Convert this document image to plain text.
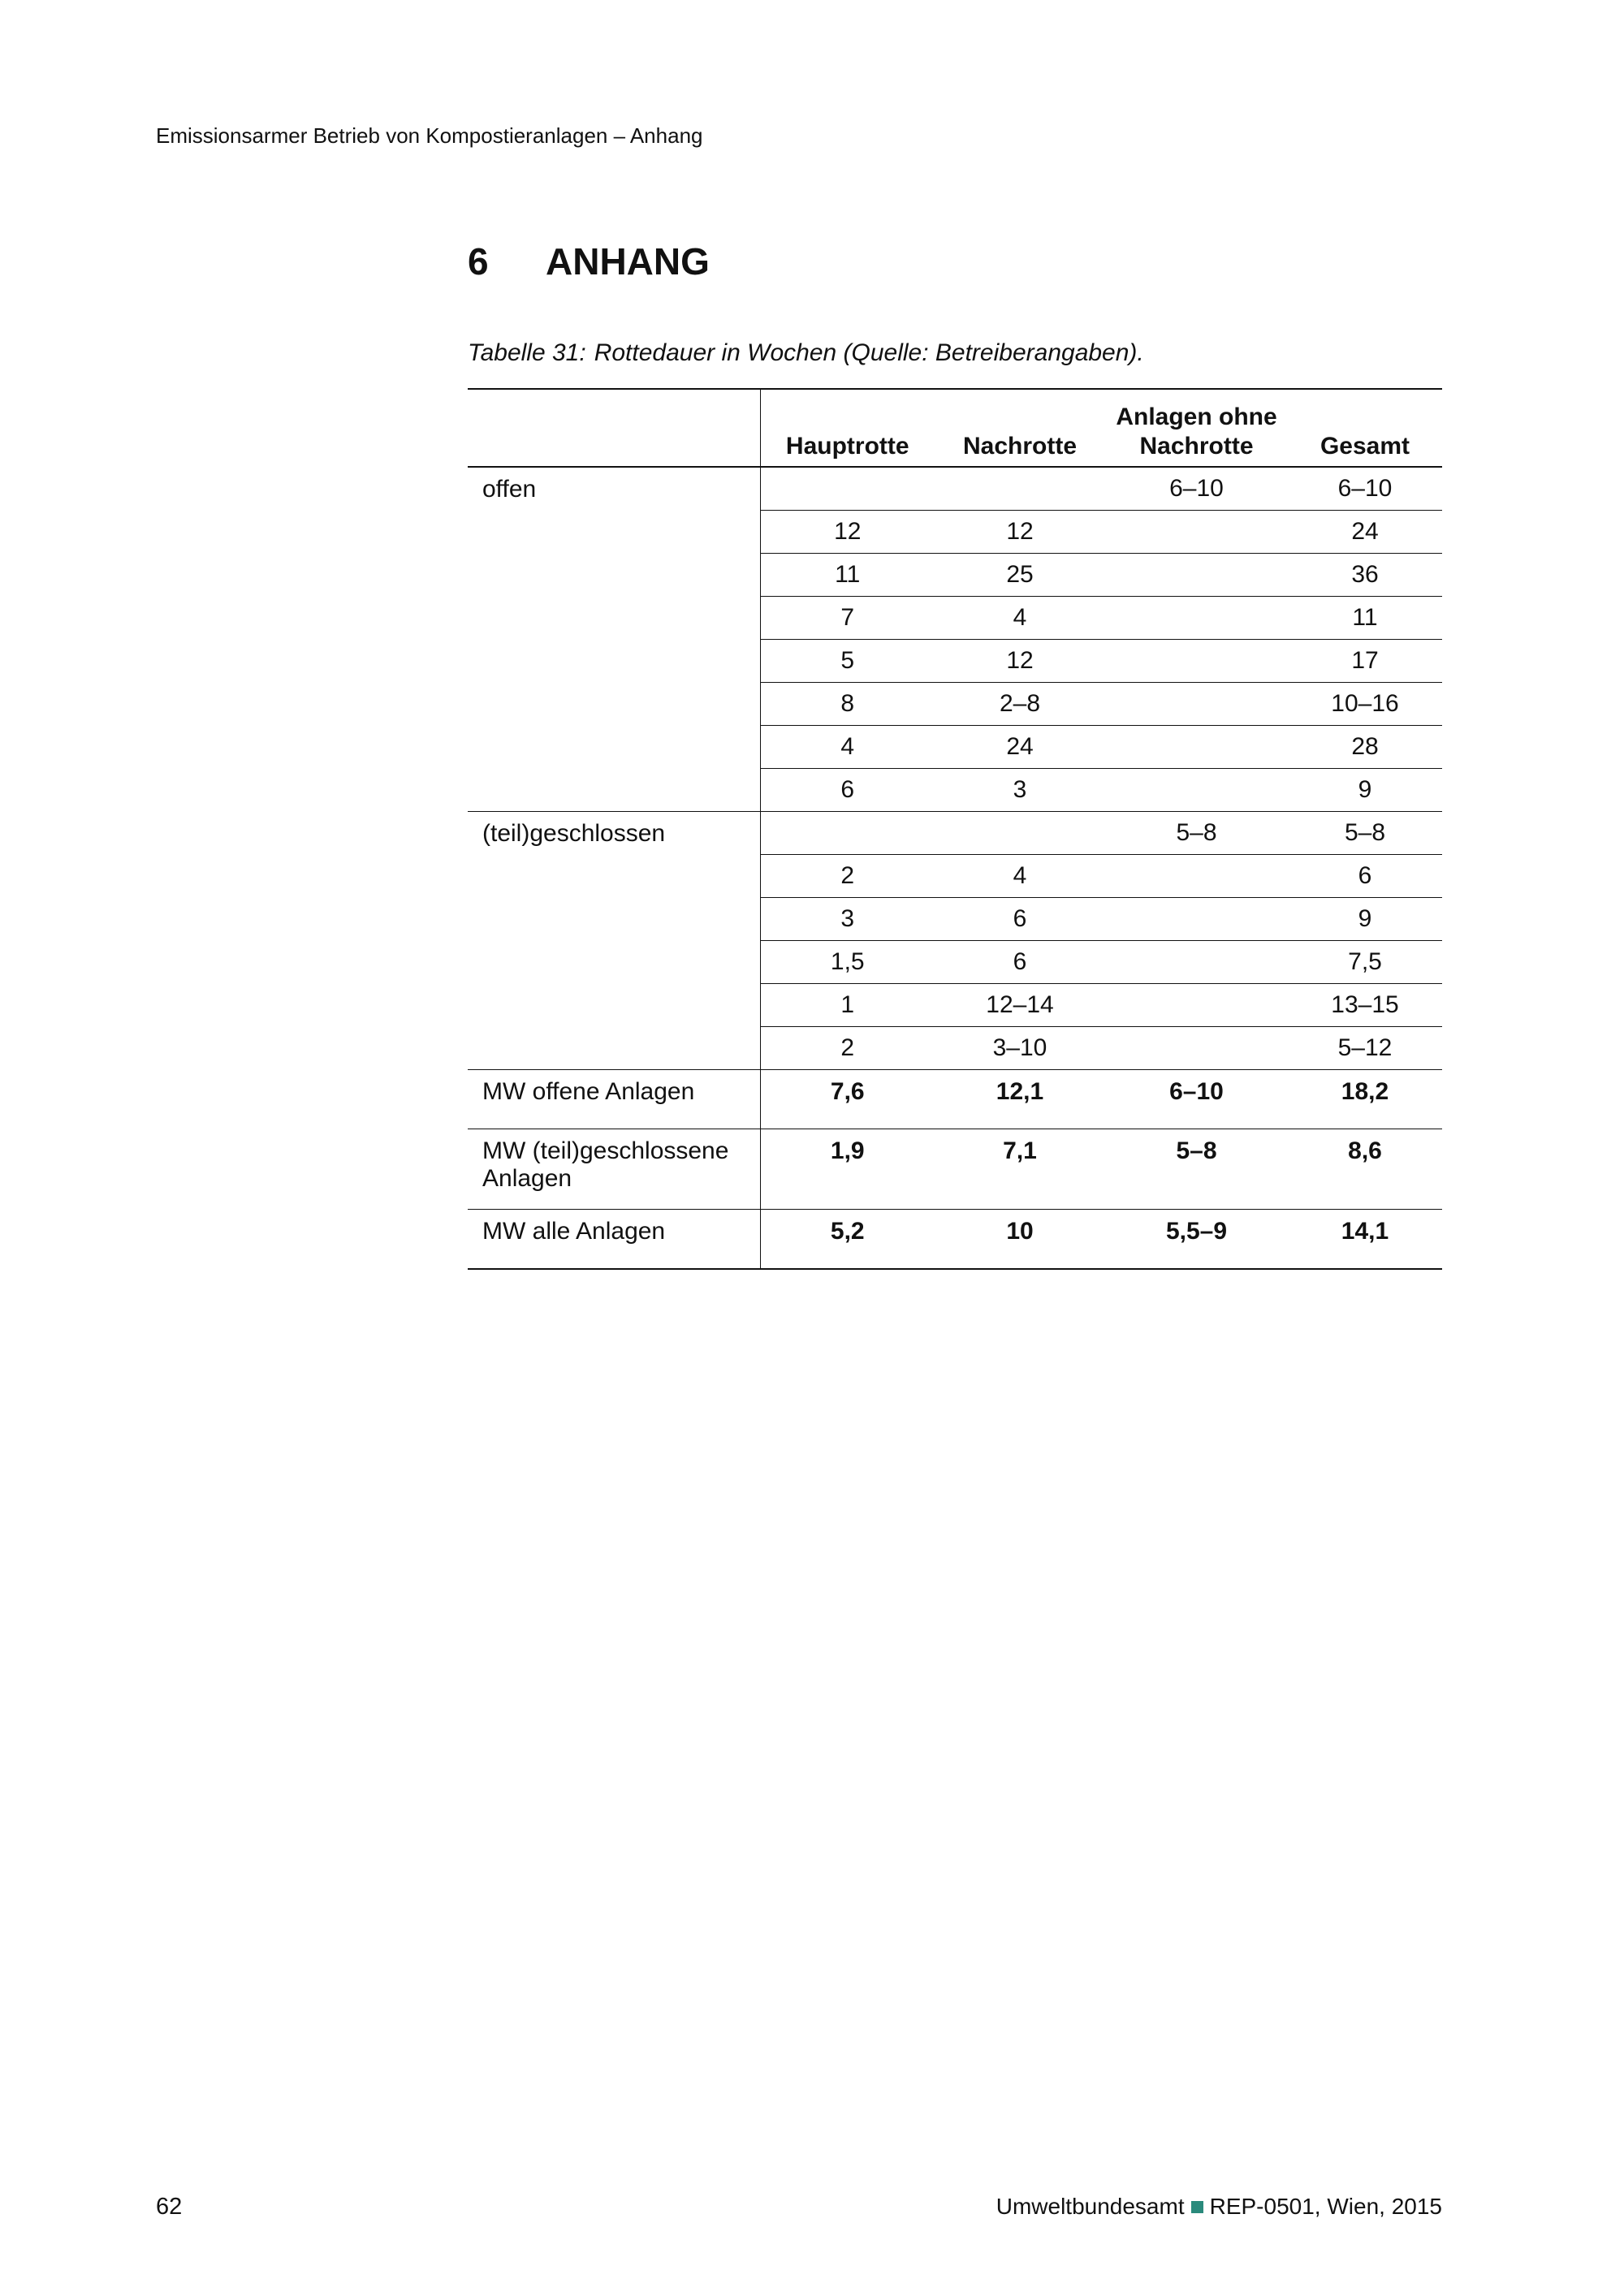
Emissionsarmer Betrieb von Kompostieranlagen – Anhang
6	ANHANG
Tabelle 31: Rottedauer in Wochen (Quelle: Betreiberangaben).
	Hauptrotte	Nachrotte	Anlagen ohne Nachrotte	Gesamt
offen			6–10	6–10
	12	12		24
	11	25		36
	7	4		11
	5	12		17
	8	2–8		10–16
	4	24		28
	6	3		9
(teil)geschlossen			5–8	5–8
	2	4		6
	3	6		9
	1,5	6		7,5
	1	12–14		13–15
	2	3–10		5–12
MW offene Anlagen	7,6	12,1	6–10	18,2
MW (teil)geschlossene Anlagen	1,9	7,1	5–8	8,6
MW alle Anlagen	5,2	10	5,5–9	14,1
62	Umweltbundesamt REP-0501, Wien, 2015
